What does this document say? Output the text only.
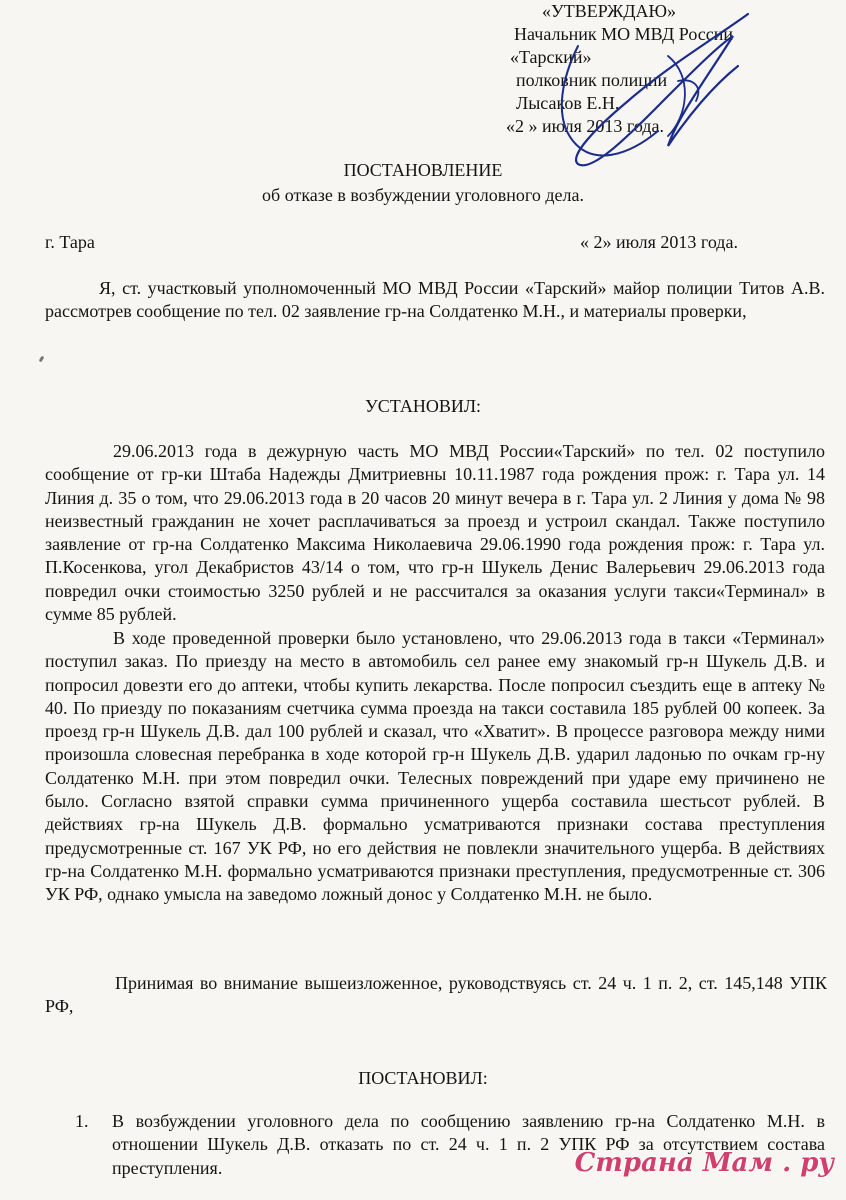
«УТВЕРЖДАЮ»
Начальник МО МВД России
«Тарский»
полковник полиции
Лысаков Е.Н.
«2 » июля 2013 года.
ПОСТАНОВЛЕНИЕ
об отказе в возбуждении уголовного дела.
г. Тара	« 2» июля 2013 года.
Я, ст. участковый уполномоченный МО МВД России «Тарский» майор полиции Титов А.В. рассмотрев сообщение по тел. 02 заявление гр-на Солдатенко М.Н., и материалы проверки,
УСТАНОВИЛ:
29.06.2013 года в дежурную часть МО МВД России«Тарский» по тел. 02 поступило сообщение от гр-ки Штаба Надежды Дмитриевны 10.11.1987 года рождения прож: г. Тара ул. 14 Линия д. 35 о том, что 29.06.2013 года в 20 часов 20 минут вечера в г. Тара ул. 2 Линия у дома № 98 неизвестный гражданин не хочет расплачиваться за проезд и устроил скандал. Также поступило заявление от гр-на Солдатенко Максима Николаевича 29.06.1990 года рождения прож: г. Тара ул. П.Косенкова, угол Декабристов 43/14 о том, что гр-н Шукель Денис Валерьевич 29.06.2013 года повредил очки стоимостью 3250 рублей и не рассчитался за оказания услуги такси«Терминал» в сумме 85 рублей.
В ходе проведенной проверки было установлено, что 29.06.2013 года в такси «Терминал» поступил заказ. По приезду на место в автомобиль сел ранее ему знакомый гр-н Шукель Д.В. и попросил довезти его до аптеки, чтобы купить лекарства. После попросил съездить еще в аптеку № 40. По приезду по показаниям счетчика сумма проезда на такси составила 185 рублей 00 копеек. За проезд гр-н Шукель Д.В. дал 100 рублей и сказал, что «Хватит». В процессе разговора между ними произошла словесная перебранка в ходе которой гр-н Шукель Д.В. ударил ладонью по очкам гр-ну Солдатенко М.Н. при этом повредил очки. Телесных повреждений при ударе ему причинено не было. Согласно взятой справки сумма причиненного ущерба составила шестьсот рублей. В действиях гр-на Шукель Д.В. формально усматриваются признаки состава преступления предусмотренные ст. 167 УК РФ, но его действия не повлекли значительного ущерба. В действиях гр-на Солдатенко М.Н. формально усматриваются признаки преступления, предусмотренные ст. 306 УК РФ, однако умысла на заведомо ложный донос у Солдатенко М.Н. не было.
Принимая во внимание вышеизложенное, руководствуясь ст. 24 ч. 1 п. 2, ст. 145,148 УПК РФ,
ПОСТАНОВИЛ:
1.	В возбуждении уголовного дела по сообщению заявлению гр-на Солдатенко М.Н. в отношении Шукель Д.В. отказать по ст. 24 ч. 1 п. 2 УПК РФ за отсутствием состава преступления.	Страна Мам . ру
